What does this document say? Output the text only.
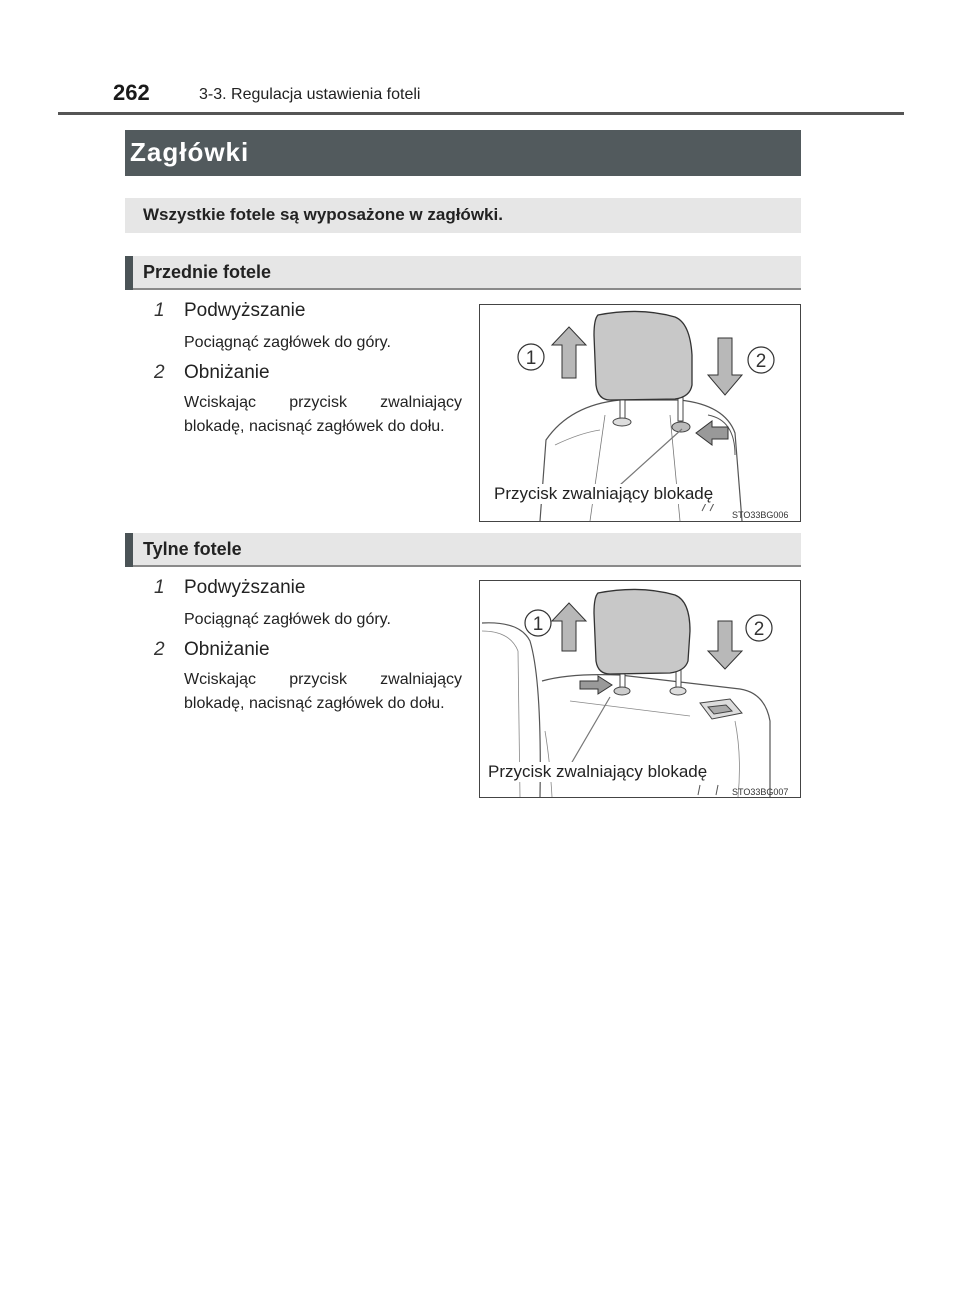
262	3-3. Regulacja ustawienia foteli
Zagłówki
Wszystkie fotele są wyposażone w zagłówki.
Przednie fotele
1 Podwyższanie
Pociągnąć zagłówek do góry.
2 Obniżanie
Wciskając przycisk zwalniający blokadę, nacisnąć zagłówek do dołu.
1	2
Przycisk zwalniający blokadę
STO33BG006
Tylne fotele
1 Podwyższanie
Pociągnąć zagłówek do góry.
2 Obniżanie
Wciskając przycisk zwalniający blokadę, nacisnąć zagłówek do dołu.
1	2
Przycisk zwalniający blokadę
STO33BG007
